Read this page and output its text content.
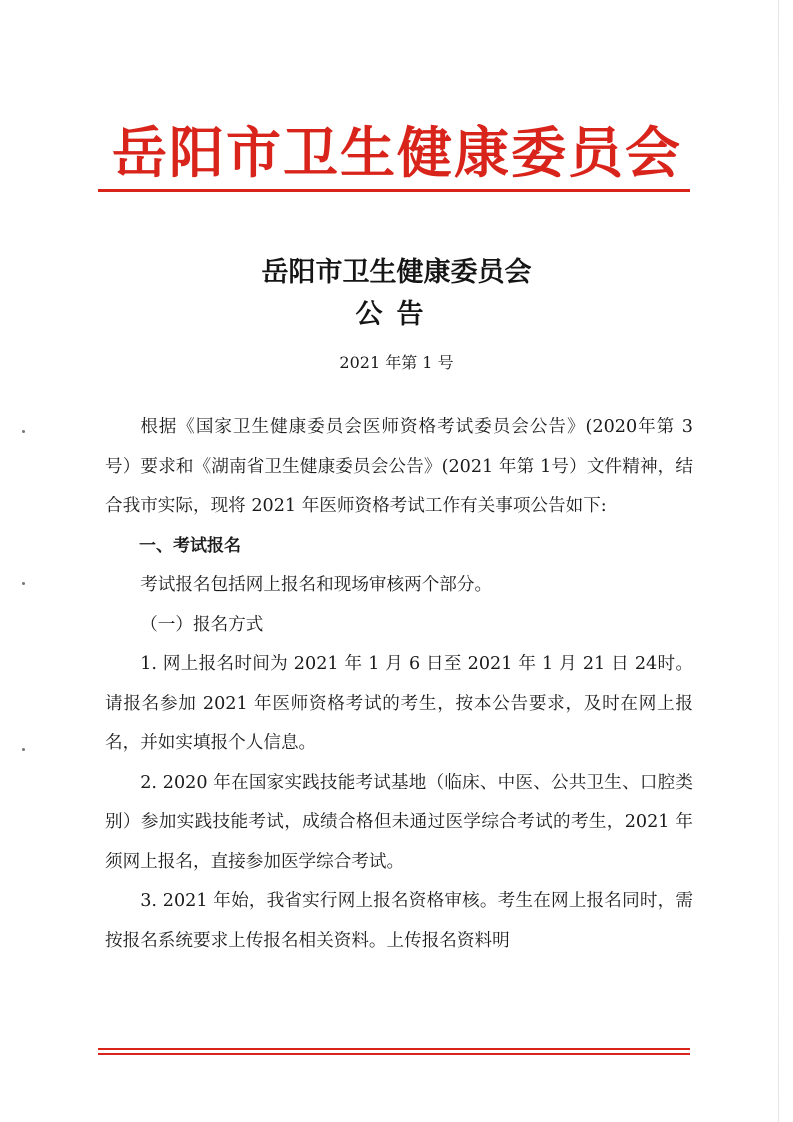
岳阳市卫生健康委员会
岳阳市卫生健康委员会
公告
2021 年第 1 号

根据《国家卫生健康委员会医师资格考试委员会公告》(2020年第 3 号）要求和《湖南省卫生健康委员会公告》(2021 年第 1号）文件精神，结合我市实际，现将 2021 年医师资格考试工作有关事项公告如下:

一、考试报名

考试报名包括网上报名和现场审核两个部分。

（一）报名方式

1. 网上报名时间为 2021 年 1 月 6 日至 2021 年 1 月 21 日 24时。请报名参加 2021 年医师资格考试的考生，按本公告要求，及时在网上报名，并如实填报个人信息。

2. 2020 年在国家实践技能考试基地（临床、中医、公共卫生、口腔类别）参加实践技能考试，成绩合格但未通过医学综合考试的考生，2021 年须网上报名，直接参加医学综合考试。

3. 2021 年始，我省实行网上报名资格审核。考生在网上报名同时，需按报名系统要求上传报名相关资料。上传报名资料明
